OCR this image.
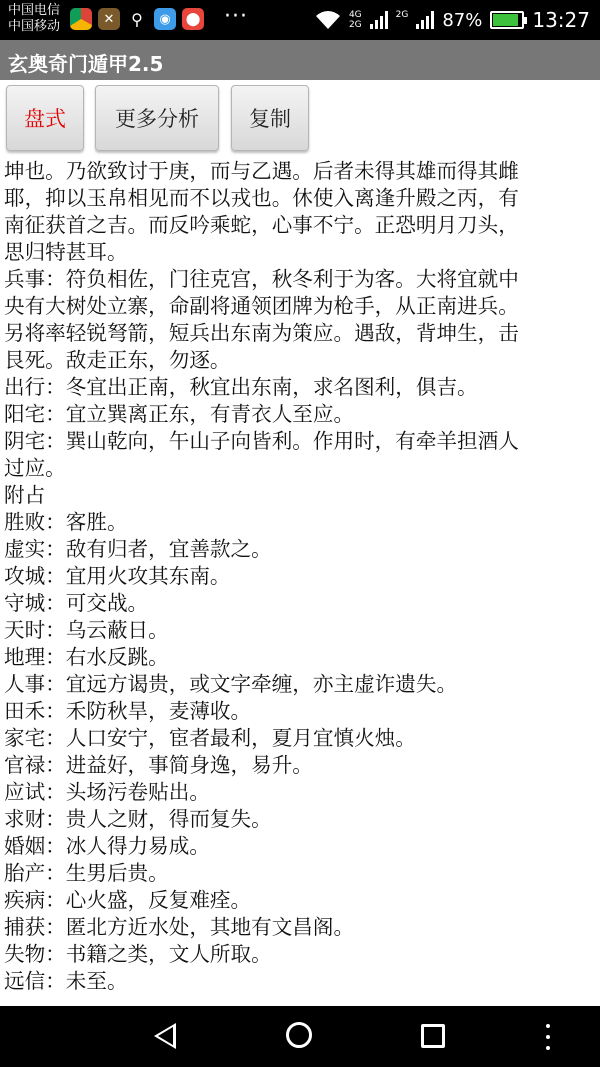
中国电信
中国移动	✕	⚲	◉	⬤ ···	4G
2G
2G
87%	13:27
玄奥奇门遁甲2.5
盘式	更多分析	复制

坤也。乃欲致讨于庚，而与乙遇。后者未得其雄而得其雌

耶，抑以玉帛相见而不以戎也。休使入离逢升殿之丙，有

南征获首之吉。而反吟乘蛇，心事不宁。正恐明月刀头，

思归特甚耳。

兵事：符负相佐，门往克宫，秋冬利于为客。大将宜就中

央有大树处立寨，命副将通领团牌为枪手，从正南进兵。

另将率轻锐弩箭，短兵出东南为策应。遇敌，背坤生，击

艮死。敌走正东，勿逐。

出行：冬宜出正南，秋宜出东南，求名图利，俱吉。

阳宅：宜立巽离正东，有青衣人至应。

阴宅：巽山乾向，午山子向皆利。作用时，有牵羊担酒人

过应。

附占

胜败：客胜。

虚实：敌有归者，宜善款之。

攻城：宜用火攻其东南。

守城：可交战。

天时：乌云蔽日。

地理：右水反跳。

人事：宜远方谒贵，或文字牵缠，亦主虚诈遗失。

田禾：禾防秋旱，麦薄收。

家宅：人口安宁，宦者最利，夏月宜慎火烛。

官禄：进益好，事简身逸，易升。

应试：头场污卷贴出。

求财：贵人之财，得而复失。

婚姻：冰人得力易成。

胎产：生男后贵。

疾病：心火盛，反复难痊。

捕获：匿北方近水处，其地有文昌阁。

失物：书籍之类，文人所取。

远信：未至。
